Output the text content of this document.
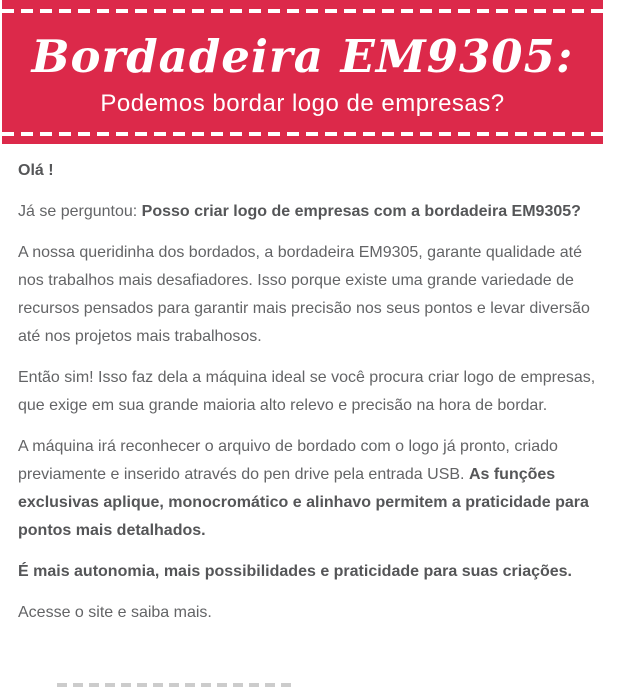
Bordadeira EM9305:
Podemos bordar logo de empresas?

Olá !

Já se perguntou: Posso criar logo de empresas com a bordadeira EM9305?

A nossa queridinha dos bordados, a bordadeira EM9305, garante qualidade até nos trabalhos mais desafiadores. Isso porque existe uma grande variedade de recursos pensados para garantir mais precisão nos seus pontos e levar diversão até nos projetos mais trabalhosos.

Então sim! Isso faz dela a máquina ideal se você procura criar logo de empresas, que exige em sua grande maioria alto relevo e precisão na hora de bordar.

A máquina irá reconhecer o arquivo de bordado com o logo já pronto, criado previamente e inserido através do pen drive pela entrada USB. As funções exclusivas aplique, monocromático e alinhavo permitem a praticidade para pontos mais detalhados.

É mais autonomia, mais possibilidades e praticidade para suas criações.

Acesse o site e saiba mais.
